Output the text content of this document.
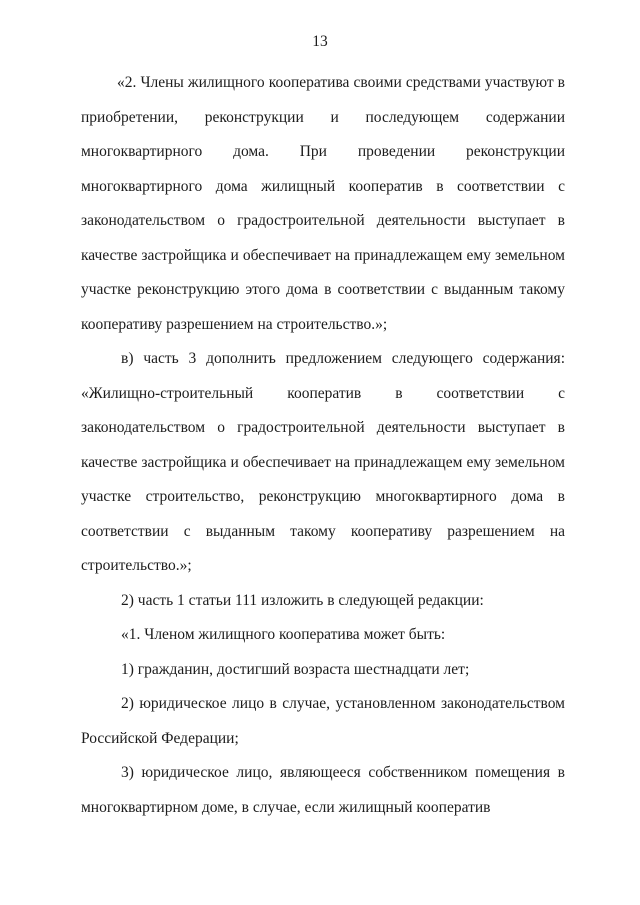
13

«2. Члены жилищного кооператива своими средствами участвуют в приобретении, реконструкции и последующем содержании многоквартирного дома. При проведении реконструкции многоквартирного дома жилищный кооператив в соответствии с законодательством о градостроительной деятельности выступает в качестве застройщика и обеспечивает на принадлежащем ему земельном участке реконструкцию этого дома в соответствии с выданным такому кооперативу разрешением на строительство.»;

в) часть 3 дополнить предложением следующего содержания: «Жилищно-строительный кооператив в соответствии с законодательством о градостроительной деятельности выступает в качестве застройщика и обеспечивает на принадлежащем ему земельном участке строительство, реконструкцию многоквартирного дома в соответствии с выданным такому кооперативу разрешением на строительство.»;

2) часть 1 статьи 111 изложить в следующей редакции:

«1. Членом жилищного кооператива может быть:

1) гражданин, достигший возраста шестнадцати лет;

2) юридическое лицо в случае, установленном законодательством Российской Федерации;

3) юридическое лицо, являющееся собственником помещения в многоквартирном доме, в случае, если жилищный кооператив
